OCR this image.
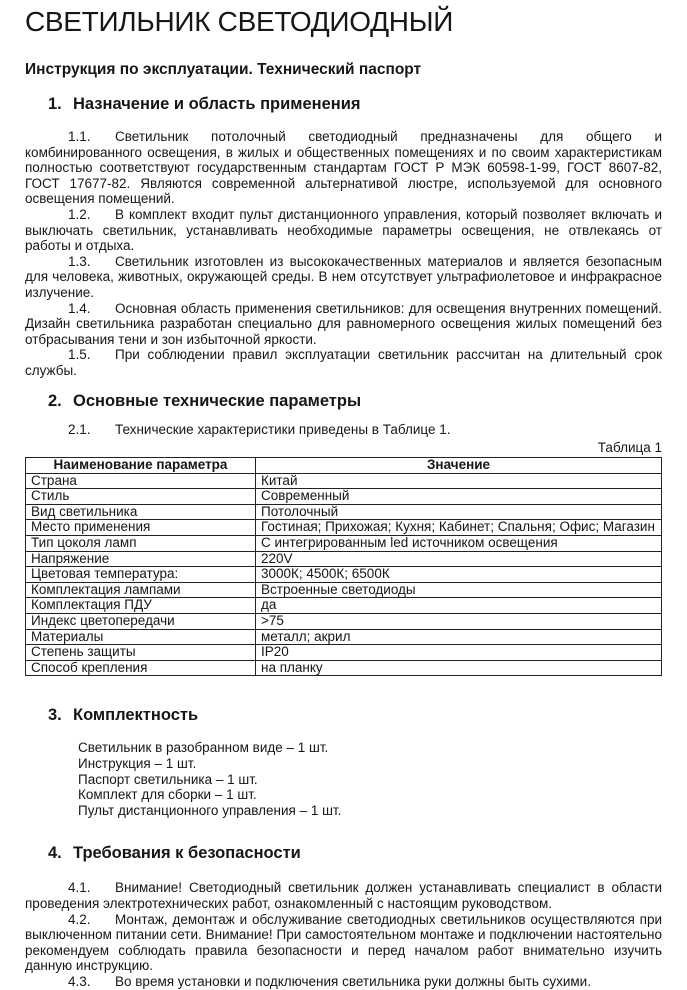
СВЕТИЛЬНИК СВЕТОДИОДНЫЙ
Инструкция по эксплуатации. Технический паспорт
1. Назначение и область применения

1.1. Светильник потолочный светодиодный предназначены для общего и комбинированного освещения, в жилых и общественных помещениях и по своим характеристикам полностью соответствуют государственным стандартам ГОСТ Р МЭК 60598-1-99, ГОСТ 8607-82, ГОСТ 17677-82. Являются современной альтернативой люстре, используемой для основного освещения помещений.

1.2. В комплект входит пульт дистанционного управления, который позволяет включать и выключать светильник, устанавливать необходимые параметры освещения, не отвлекаясь от работы и отдыха.

1.3. Светильник изготовлен из высококачественных материалов и является безопасным для человека, животных, окружающей среды. В нем отсутствует ультрафиолетовое и инфракрасное излучение.

1.4. Основная область применения светильников: для освещения внутренних помещений. Дизайн светильника разработан специально для равномерного освещения жилых помещений без отбрасывания тени и зон избыточной яркости.

1.5. При соблюдении правил эксплуатации светильник рассчитан на длительный срок службы.

2. Основные технические параметры

2.1. Технические характеристики приведены в Таблице 1.

Таблица 1
Наименование параметра	Значение
Страна	Китай
Стиль	Современный
Вид светильника	Потолочный
Место применения	Гостиная; Прихожая; Кухня; Кабинет; Спальня; Офис; Магазин
Тип цоколя ламп	С интегрированным led источником освещения
Напряжение	220V
Цветовая температура:	3000К; 4500К; 6500К
Комплектация лампами	Встроенные светодиоды
Комплектация ПДУ	да
Индекс цветопередачи	>75
Материалы	металл; акрил
Степень защиты	IP20
Способ крепления	на планку
3. Комплектность
Светильник в разобранном виде – 1 шт.
Инструкция – 1 шт.
Паспорт светильника – 1 шт.
Комплект для сборки – 1 шт.
Пульт дистанционного управления – 1 шт.
4. Требования к безопасности

4.1. Внимание! Светодиодный светильник должен устанавливать специалист в области проведения электротехнических работ, ознакомленный с настоящим руководством.

4.2. Монтаж, демонтаж и обслуживание светодиодных светильников осуществляются при выключенном питании сети. Внимание! При самостоятельном монтаже и подключении настоятельно рекомендуем соблюдать правила безопасности и перед началом работ внимательно изучить данную инструкцию.

4.3. Во время установки и подключения светильника руки должны быть сухими.
